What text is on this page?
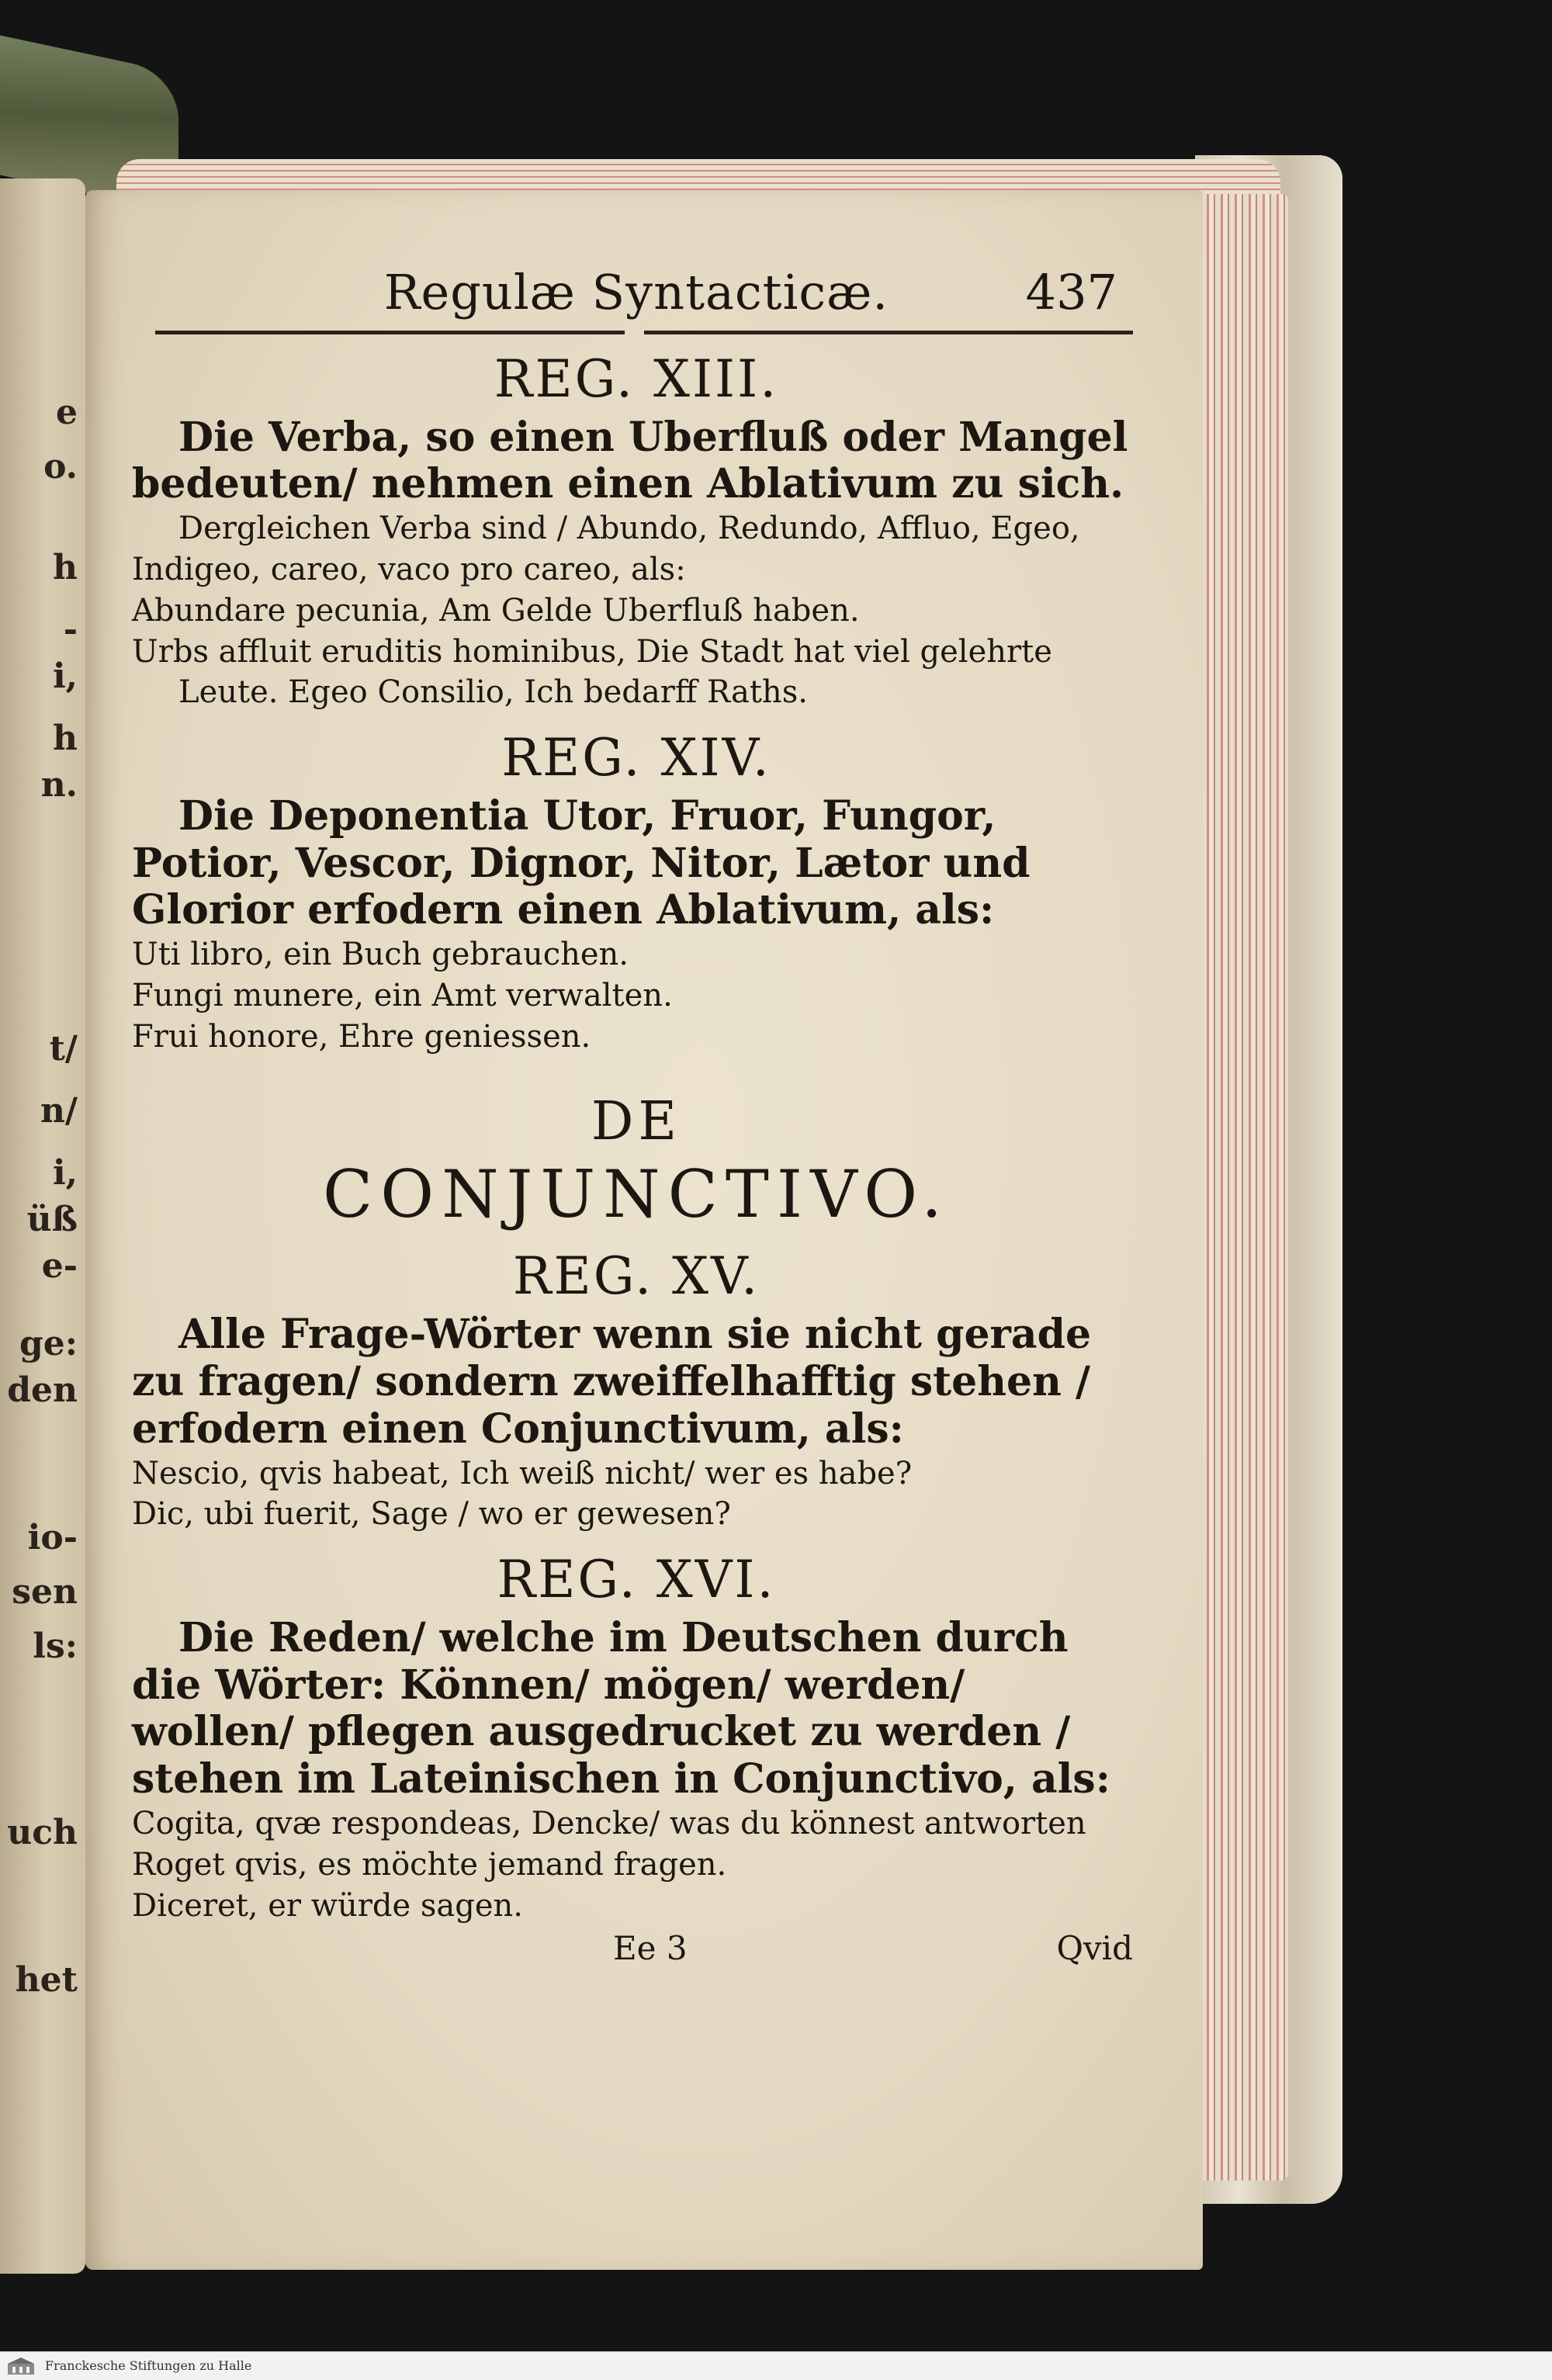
e
o.
h
-
i,
h
n.
t/
n/
i,
üß
e-
ge:
den
io-
sen
ls:
uch
het
Regulæ Syntacticæ.	437
REG. XIII.

Die Verba, so einen Uberfluß oder Mangel bedeuten/ nehmen einen Ablativum zu sich.

Dergleichen Verba sind / Abundo, Redundo, Affluo, Egeo, Indigeo, careo, vaco pro careo, als:

Abundare pecunia, Am Gelde Uberfluß haben.

Urbs affluit eruditis hominibus, Die Stadt hat viel gelehrte Leute. Egeo Consilio, Ich bedarff Raths.

REG. XIV.

Die Deponentia Utor, Fruor, Fungor, Potior, Vescor, Dignor, Nitor, Lætor und Glorior erfodern einen Ablativum, als:

Uti libro, ein Buch gebrauchen.

Fungi munere, ein Amt verwalten.

Frui honore, Ehre geniessen.

DE
CONJUNCTIVO.
REG. XV.

Alle Frage-Wörter wenn sie nicht gerade zu fragen/ sondern zweiffelhafftig stehen / erfodern einen Conjunctivum, als:

Nescio, qvis habeat, Ich weiß nicht/ wer es habe?

Dic, ubi fuerit, Sage / wo er gewesen?

REG. XVI.

Die Reden/ welche im Deutschen durch die Wörter: Können/ mögen/ werden/ wollen/ pflegen ausgedrucket zu werden / stehen im Lateinischen in Conjunctivo, als:

Cogita, qvæ respondeas, Dencke/ was du könnest antworten

Roget qvis, es möchte jemand fragen.

Diceret, er würde sagen.

Ee 3	Qvid
Franckesche Stiftungen zu Halle
